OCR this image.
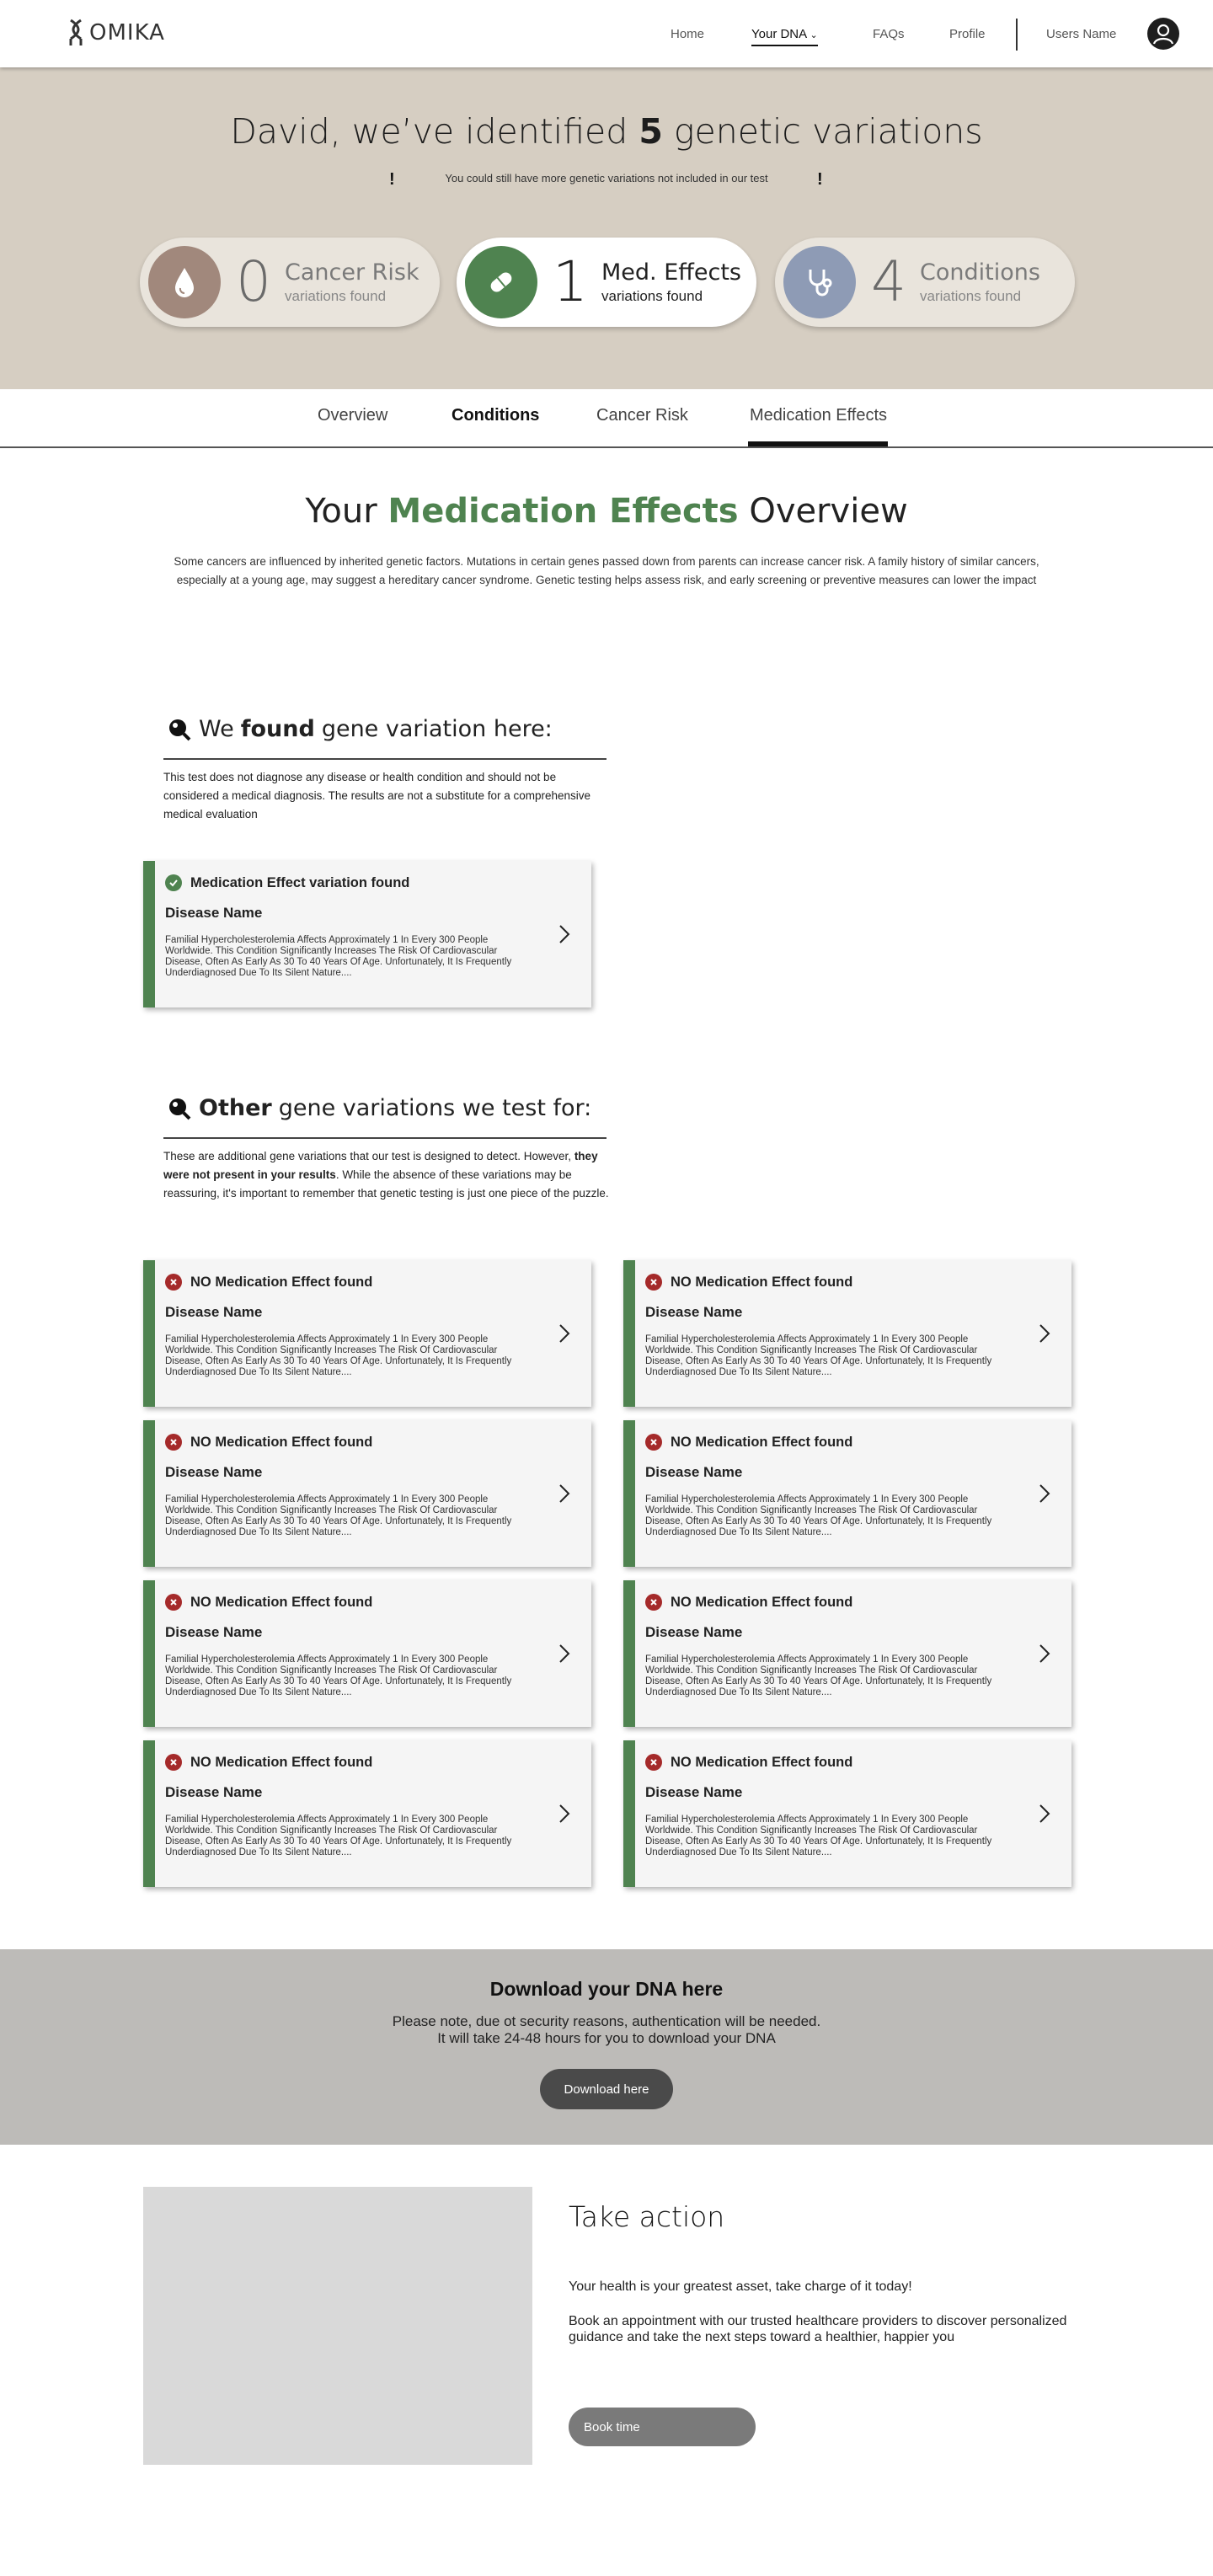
OMIKA	Home	Your DNA ⌄	FAQs	Profile	Users Name
David, we’ve identified 5 genetic variations
!	You could still have more genetic variations not included in our test	!
0 Cancer Risk
variations found	1 Med. Effects
variations found	4 Conditions
variations found
Overview	Conditions	Cancer Risk	Medication Effects
Your Medication Effects Overview
Some cancers are influenced by inherited genetic factors. Mutations in certain genes passed down from parents can increase cancer risk. A family history of similar cancers, especially at a young age, may suggest a hereditary cancer syndrome. Genetic testing helps assess risk, and early screening or preventive measures can lower the impact
We found gene variation here:
This test does not diagnose any disease or health condition and should not be considered a medical diagnosis. The results are not a substitute for a comprehensive medical evaluation
Medication Effect variation found
Disease Name
Familial Hypercholesterolemia Affects Approximately 1 In Every 300 People Worldwide. This Condition Significantly Increases The Risk Of Cardiovascular Disease, Often As Early As 30 To 40 Years Of Age. Unfortunately, It Is Frequently Underdiagnosed Due To Its Silent Nature....
Other gene variations we test for:
These are additional gene variations that our test is designed to detect. However, they were not present in your results. While the absence of these variations may be reassuring, it's important to remember that genetic testing is just one piece of the puzzle.
NO Medication Effect found
Disease Name
Familial Hypercholesterolemia Affects Approximately 1 In Every 300 People Worldwide. This Condition Significantly Increases The Risk Of Cardiovascular Disease, Often As Early As 30 To 40 Years Of Age. Unfortunately, It Is Frequently Underdiagnosed Due To Its Silent Nature....
NO Medication Effect found
Disease Name
Familial Hypercholesterolemia Affects Approximately 1 In Every 300 People Worldwide. This Condition Significantly Increases The Risk Of Cardiovascular Disease, Often As Early As 30 To 40 Years Of Age. Unfortunately, It Is Frequently Underdiagnosed Due To Its Silent Nature....
NO Medication Effect found
Disease Name
Familial Hypercholesterolemia Affects Approximately 1 In Every 300 People Worldwide. This Condition Significantly Increases The Risk Of Cardiovascular Disease, Often As Early As 30 To 40 Years Of Age. Unfortunately, It Is Frequently Underdiagnosed Due To Its Silent Nature....
NO Medication Effect found
Disease Name
Familial Hypercholesterolemia Affects Approximately 1 In Every 300 People Worldwide. This Condition Significantly Increases The Risk Of Cardiovascular Disease, Often As Early As 30 To 40 Years Of Age. Unfortunately, It Is Frequently Underdiagnosed Due To Its Silent Nature....
NO Medication Effect found
Disease Name
Familial Hypercholesterolemia Affects Approximately 1 In Every 300 People Worldwide. This Condition Significantly Increases The Risk Of Cardiovascular Disease, Often As Early As 30 To 40 Years Of Age. Unfortunately, It Is Frequently Underdiagnosed Due To Its Silent Nature....
NO Medication Effect found
Disease Name
Familial Hypercholesterolemia Affects Approximately 1 In Every 300 People Worldwide. This Condition Significantly Increases The Risk Of Cardiovascular Disease, Often As Early As 30 To 40 Years Of Age. Unfortunately, It Is Frequently Underdiagnosed Due To Its Silent Nature....
NO Medication Effect found
Disease Name
Familial Hypercholesterolemia Affects Approximately 1 In Every 300 People Worldwide. This Condition Significantly Increases The Risk Of Cardiovascular Disease, Often As Early As 30 To 40 Years Of Age. Unfortunately, It Is Frequently Underdiagnosed Due To Its Silent Nature....
NO Medication Effect found
Disease Name
Familial Hypercholesterolemia Affects Approximately 1 In Every 300 People Worldwide. This Condition Significantly Increases The Risk Of Cardiovascular Disease, Often As Early As 30 To 40 Years Of Age. Unfortunately, It Is Frequently Underdiagnosed Due To Its Silent Nature....
Download your DNA here
Please note, due ot security reasons, authentication will be needed.
It will take 24-48 hours for you to download your DNA
Download here
Take action
Your health is your greatest asset, take charge of it today!
Book an appointment with our trusted healthcare providers to discover personalized guidance and take the next steps toward a healthier, happier you
Book time
